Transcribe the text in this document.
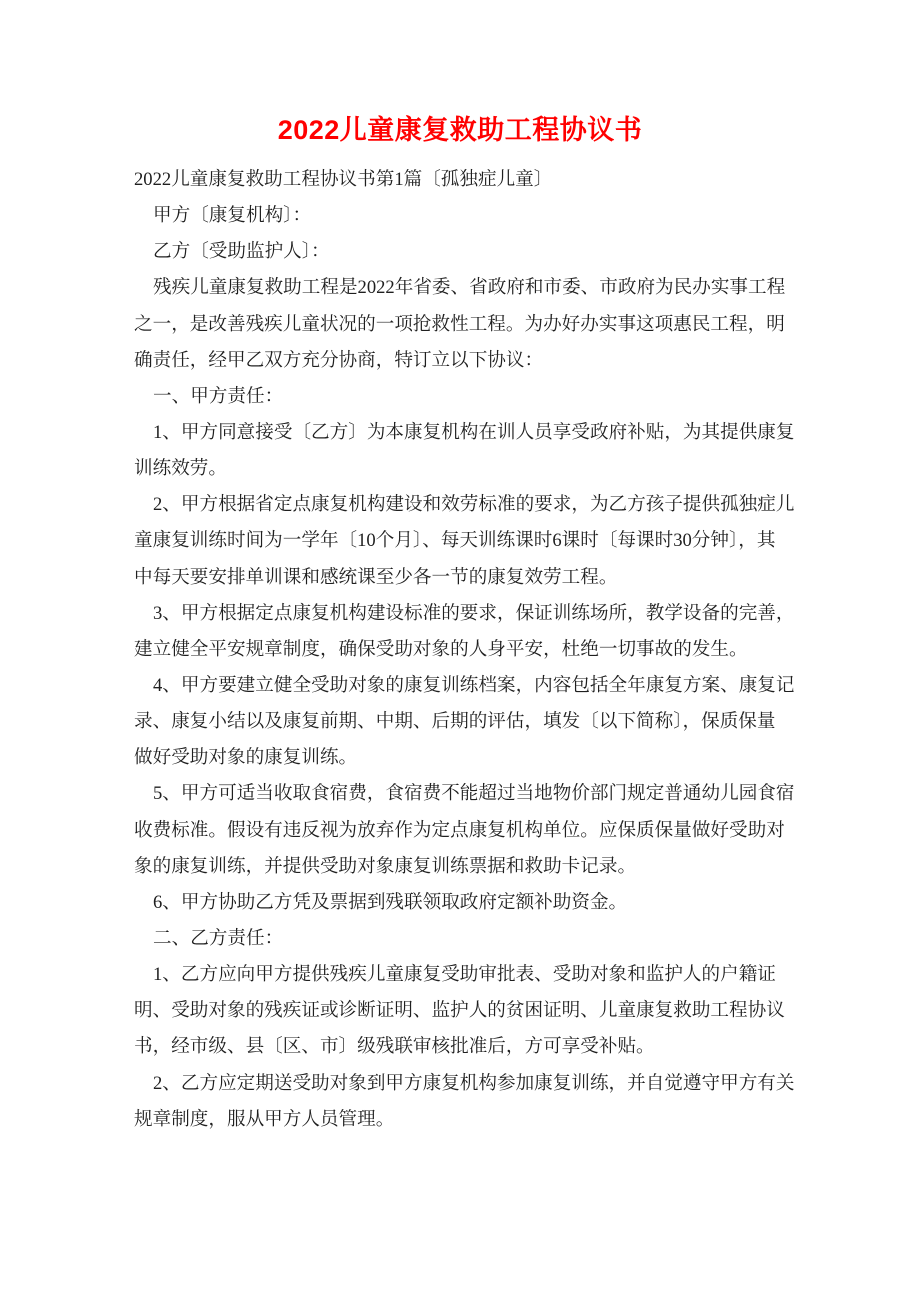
2022儿童康复救助工程协议书
2022儿童康复救助工程协议书第1篇〔孤独症儿童〕
甲方〔康复机构〕：
乙方〔受助监护人〕：
残疾儿童康复救助工程是2022年省委、省政府和市委、市政府为民办实事工程
之一，是改善残疾儿童状况的一项抢救性工程。为办好办实事这项惠民工程，明
确责任，经甲乙双方充分协商，特订立以下协议：
一、甲方责任：
1、甲方同意接受〔乙方〕为本康复机构在训人员享受政府补贴，为其提供康复
训练效劳。
2、甲方根据省定点康复机构建设和效劳标准的要求，为乙方孩子提供孤独症儿
童康复训练时间为一学年〔10个月〕、每天训练课时6课时〔每课时30分钟〕，其
中每天要安排单训课和感统课至少各一节的康复效劳工程。
3、甲方根据定点康复机构建设标准的要求，保证训练场所，教学设备的完善，
建立健全平安规章制度，确保受助对象的人身平安，杜绝一切事故的发生。
4、甲方要建立健全受助对象的康复训练档案，内容包括全年康复方案、康复记
录、康复小结以及康复前期、中期、后期的评估，填发〔以下简称〕，保质保量
做好受助对象的康复训练。
5、甲方可适当收取食宿费，食宿费不能超过当地物价部门规定普通幼儿园食宿
收费标准。假设有违反视为放弃作为定点康复机构单位。应保质保量做好受助对
象的康复训练，并提供受助对象康复训练票据和救助卡记录。
6、甲方协助乙方凭及票据到残联领取政府定额补助资金。
二、乙方责任：
1、乙方应向甲方提供残疾儿童康复受助审批表、受助对象和监护人的户籍证
明、受助对象的残疾证或诊断证明、监护人的贫困证明、儿童康复救助工程协议
书，经市级、县〔区、市〕级残联审核批准后，方可享受补贴。
2、乙方应定期送受助对象到甲方康复机构参加康复训练，并自觉遵守甲方有关
规章制度，服从甲方人员管理。
